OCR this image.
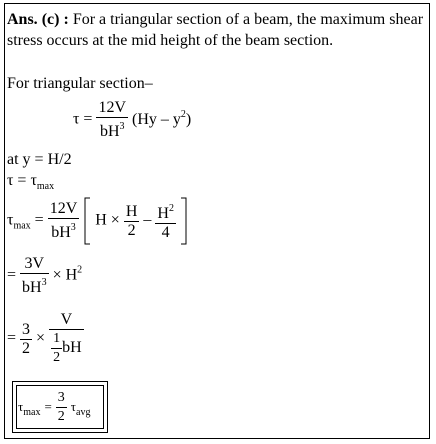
Ans. (c) : For a triangular section of a beam, the maximum shear stress occurs at the mid height of the beam section.
For triangular section–
$\tau = \frac{12V}{bH^3} (Hy - y^2)$
at y = H/2
$\tau = \tau_{max}$
$\tau_{max} = \frac{12V}{bH^3}$ $H \times \frac{H}{2} - \frac{H^2}{4}$

= $\frac{3V}{bH^3} \times H^2$
= $\frac{3}{2} \times \frac{V}{\frac{1}{2} bH}$
$\tau_{max} = \frac{3}{2} \tau_{avg}$
